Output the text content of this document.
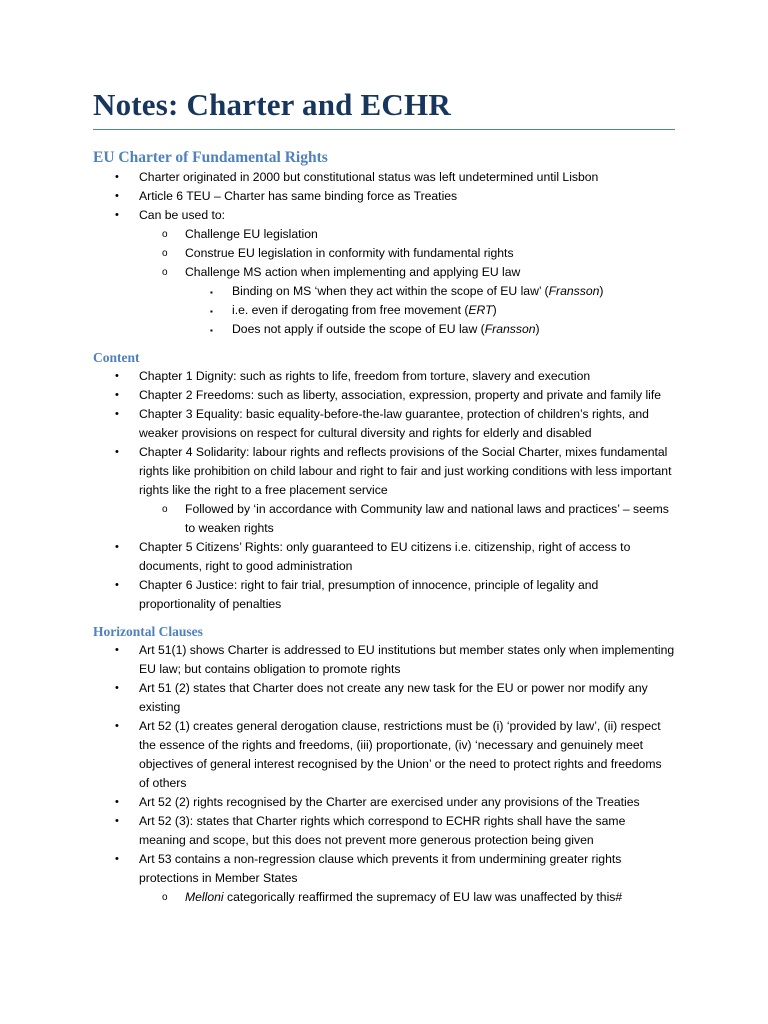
Notes: Charter and ECHR
EU Charter of Fundamental Rights
• Charter originated in 2000 but constitutional status was left undetermined until Lisbon
• Article 6 TEU – Charter has same binding force as Treaties
• Can be used to:
o Challenge EU legislation
o Construe EU legislation in conformity with fundamental rights
o Challenge MS action when implementing and applying EU law
▪ Binding on MS ‘when they act within the scope of EU law’ (Fransson)
▪ i.e. even if derogating from free movement (ERT)
▪ Does not apply if outside the scope of EU law (Fransson)
Content
• Chapter 1 Dignity: such as rights to life, freedom from torture, slavery and execution
• Chapter 2 Freedoms: such as liberty, association, expression, property and private and family life
• Chapter 3 Equality: basic equality-before-the-law guarantee, protection of children’s rights, and weaker provisions on respect for cultural diversity and rights for elderly and disabled
• Chapter 4 Solidarity: labour rights and reflects provisions of the Social Charter, mixes fundamental rights like prohibition on child labour and right to fair and just working conditions with less important rights like the right to a free placement service
o Followed by ‘in accordance with Community law and national laws and practices’ – seems to weaken rights
• Chapter 5 Citizens’ Rights: only guaranteed to EU citizens i.e. citizenship, right of access to documents, right to good administration
• Chapter 6 Justice: right to fair trial, presumption of innocence, principle of legality and proportionality of penalties
Horizontal Clauses
• Art 51(1) shows Charter is addressed to EU institutions but member states only when implementing EU law; but contains obligation to promote rights
• Art 51 (2) states that Charter does not create any new task for the EU or power nor modify any existing
• Art 52 (1) creates general derogation clause, restrictions must be (i) ‘provided by law’, (ii) respect the essence of the rights and freedoms, (iii) proportionate, (iv) ‘necessary and genuinely meet objectives of general interest recognised by the Union’ or the need to protect rights and freedoms of others
• Art 52 (2) rights recognised by the Charter are exercised under any provisions of the Treaties
• Art 52 (3): states that Charter rights which correspond to ECHR rights shall have the same meaning and scope, but this does not prevent more generous protection being given
• Art 53 contains a non-regression clause which prevents it from undermining greater rights protections in Member States
o Melloni categorically reaffirmed the supremacy of EU law was unaffected by this#
